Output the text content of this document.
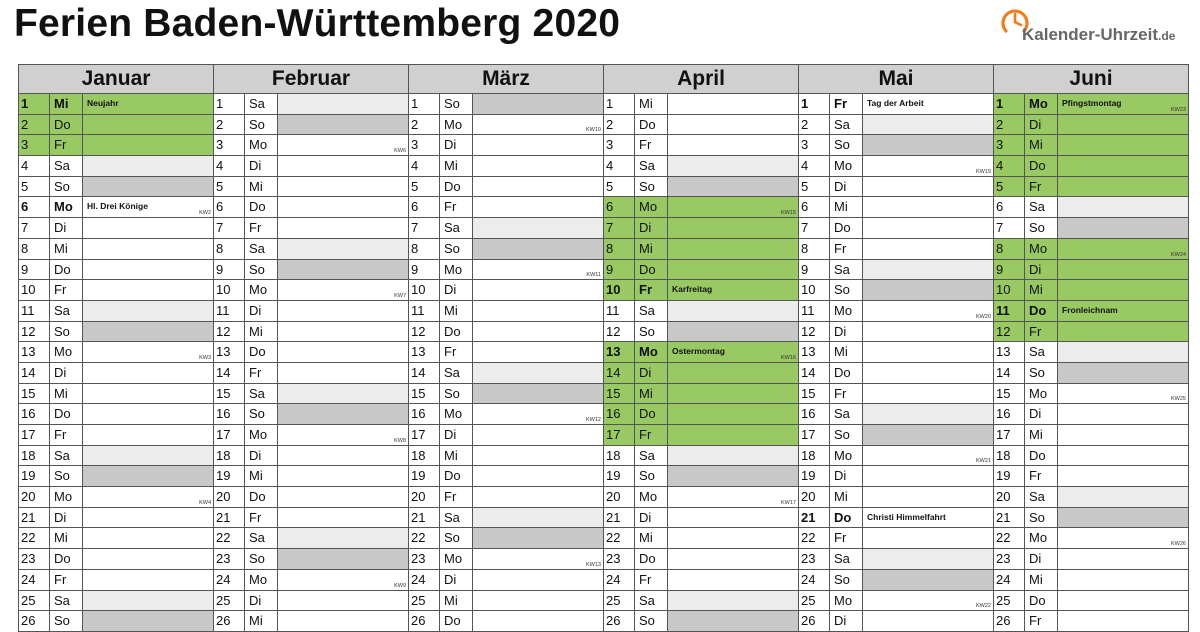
Ferien Baden-Württemberg 2020	Kalender-Uhrzeit.de
Januar
1	Mi	Neujahr
2	Do
3	Fr
4	Sa
5	So
6	Mo	Hl. Drei Könige
KW2
7	Di
8	Mi
9	Do
10	Fr
11	Sa
12	So
13	Mo	KW3
14	Di
15	Mi
16	Do
17	Fr
18	Sa
19	So
20	Mo	KW4
21	Di
22	Mi
23	Do
24	Fr
25	Sa
26	So
Februar
1	Sa
2	So
3	Mo	KW6
4	Di
5	Mi
6	Do
7	Fr
8	Sa
9	So
10	Mo	KW7
11	Di
12	Mi
13	Do
14	Fr
15	Sa
16	So
17	Mo	KW8
18	Di
19	Mi
20	Do
21	Fr
22	Sa
23	So
24	Mo	KW9
25	Di
26	Mi
März
1	So
2	Mo	KW10
3	Di
4	Mi
5	Do
6	Fr
7	Sa
8	So
9	Mo	KW11
10	Di
11	Mi
12	Do
13	Fr
14	Sa
15	So
16	Mo	KW12
17	Di
18	Mi
19	Do
20	Fr
21	Sa
22	So
23	Mo	KW13
24	Di
25	Mi
26	Do
April
1	Mi
2	Do
3	Fr
4	Sa
5	So
6	Mo	KW15
7	Di
8	Mi
9	Do
10	Fr	Karfreitag
11	Sa
12	So
13	Mo	Ostermontag
KW16
14	Di
15	Mi
16	Do
17	Fr
18	Sa
19	So
20	Mo	KW17
21	Di
22	Mi
23	Do
24	Fr
25	Sa
26	So
Mai
1	Fr	Tag der Arbeit
2	Sa
3	So
4	Mo	KW19
5	Di
6	Mi
7	Do
8	Fr
9	Sa
10	So
11	Mo	KW20
12	Di
13	Mi
14	Do
15	Fr
16	Sa
17	So
18	Mo	KW21
19	Di
20	Mi
21	Do	Christi Himmelfahrt
22	Fr
23	Sa
24	So
25	Mo	KW22
26	Di
Juni
1	Mo	Pfingstmontag
KW23
2	Di
3	Mi
4	Do
5	Fr
6	Sa
7	So
8	Mo	KW24
9	Di
10	Mi
11	Do	Fronleichnam
12	Fr
13	Sa
14	So
15	Mo	KW25
16	Di
17	Mi
18	Do
19	Fr
20	Sa
21	So
22	Mo	KW26
23	Di
24	Mi
25	Do
26	Fr
